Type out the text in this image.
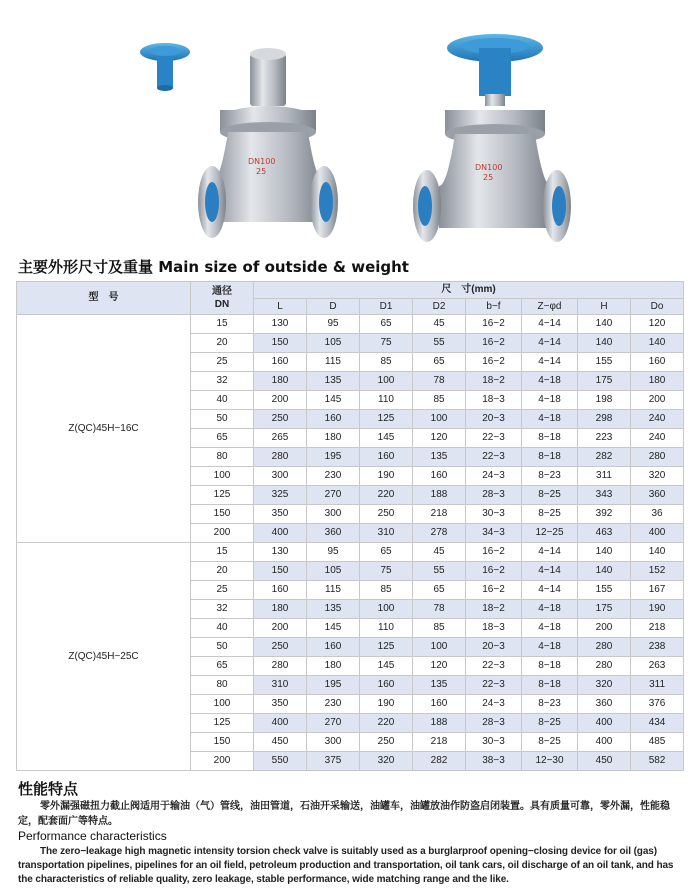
DN100
25	DN100
25
主要外形尺寸及重量 Main size of outside & weight
型　号	通径
DN	尺　寸(mm)							
		L	D	D1	D2	b−f	Z−φd	H	Do
Z(QC)45H−16C	15	130	95	65	45	16−2	4−14	140	120
	20	150	105	75	55	16−2	4−14	140	140
	25	160	115	85	65	16−2	4−14	155	160
	32	180	135	100	78	18−2	4−18	175	180
	40	200	145	110	85	18−3	4−18	198	200
	50	250	160	125	100	20−3	4−18	298	240
	65	265	180	145	120	22−3	8−18	223	240
	80	280	195	160	135	22−3	8−18	282	280
	100	300	230	190	160	24−3	8−23	311	320
	125	325	270	220	188	28−3	8−25	343	360
	150	350	300	250	218	30−3	8−25	392	36
	200	400	360	310	278	34−3	12−25	463	400
Z(QC)45H−25C	15	130	95	65	45	16−2	4−14	140	140
	20	150	105	75	55	16−2	4−14	140	152
	25	160	115	85	65	16−2	4−14	155	167
	32	180	135	100	78	18−2	4−18	175	190
	40	200	145	110	85	18−3	4−18	200	218
	50	250	160	125	100	20−3	4−18	280	238
	65	280	180	145	120	22−3	8−18	280	263
	80	310	195	160	135	22−3	8−18	320	311
	100	350	230	190	160	24−3	8−23	360	376
	125	400	270	220	188	28−3	8−25	400	434
	150	450	300	250	218	30−3	8−25	400	485
	200	550	375	320	282	38−3	12−30	450	582
性能特点
零外漏强磁扭力截止阀适用于输油（气）管线，油田管道，石油开采输送，油罐车，油罐放油作防盗启闭装置。具有质量可靠，零外漏，性能稳定，配套面广等特点。
Performance characteristics
The zero−leakage high magnetic intensity torsion check valve is suitably used as a burglarproof opening−closing device for oil (gas) transportation pipelines, pipelines for an oil field, petroleum production and transportation, oil tank cars, oil discharge of an oil tank, and has the characteristics of reliable quality, zero leakage, stable performance, wide matching range and the like.
